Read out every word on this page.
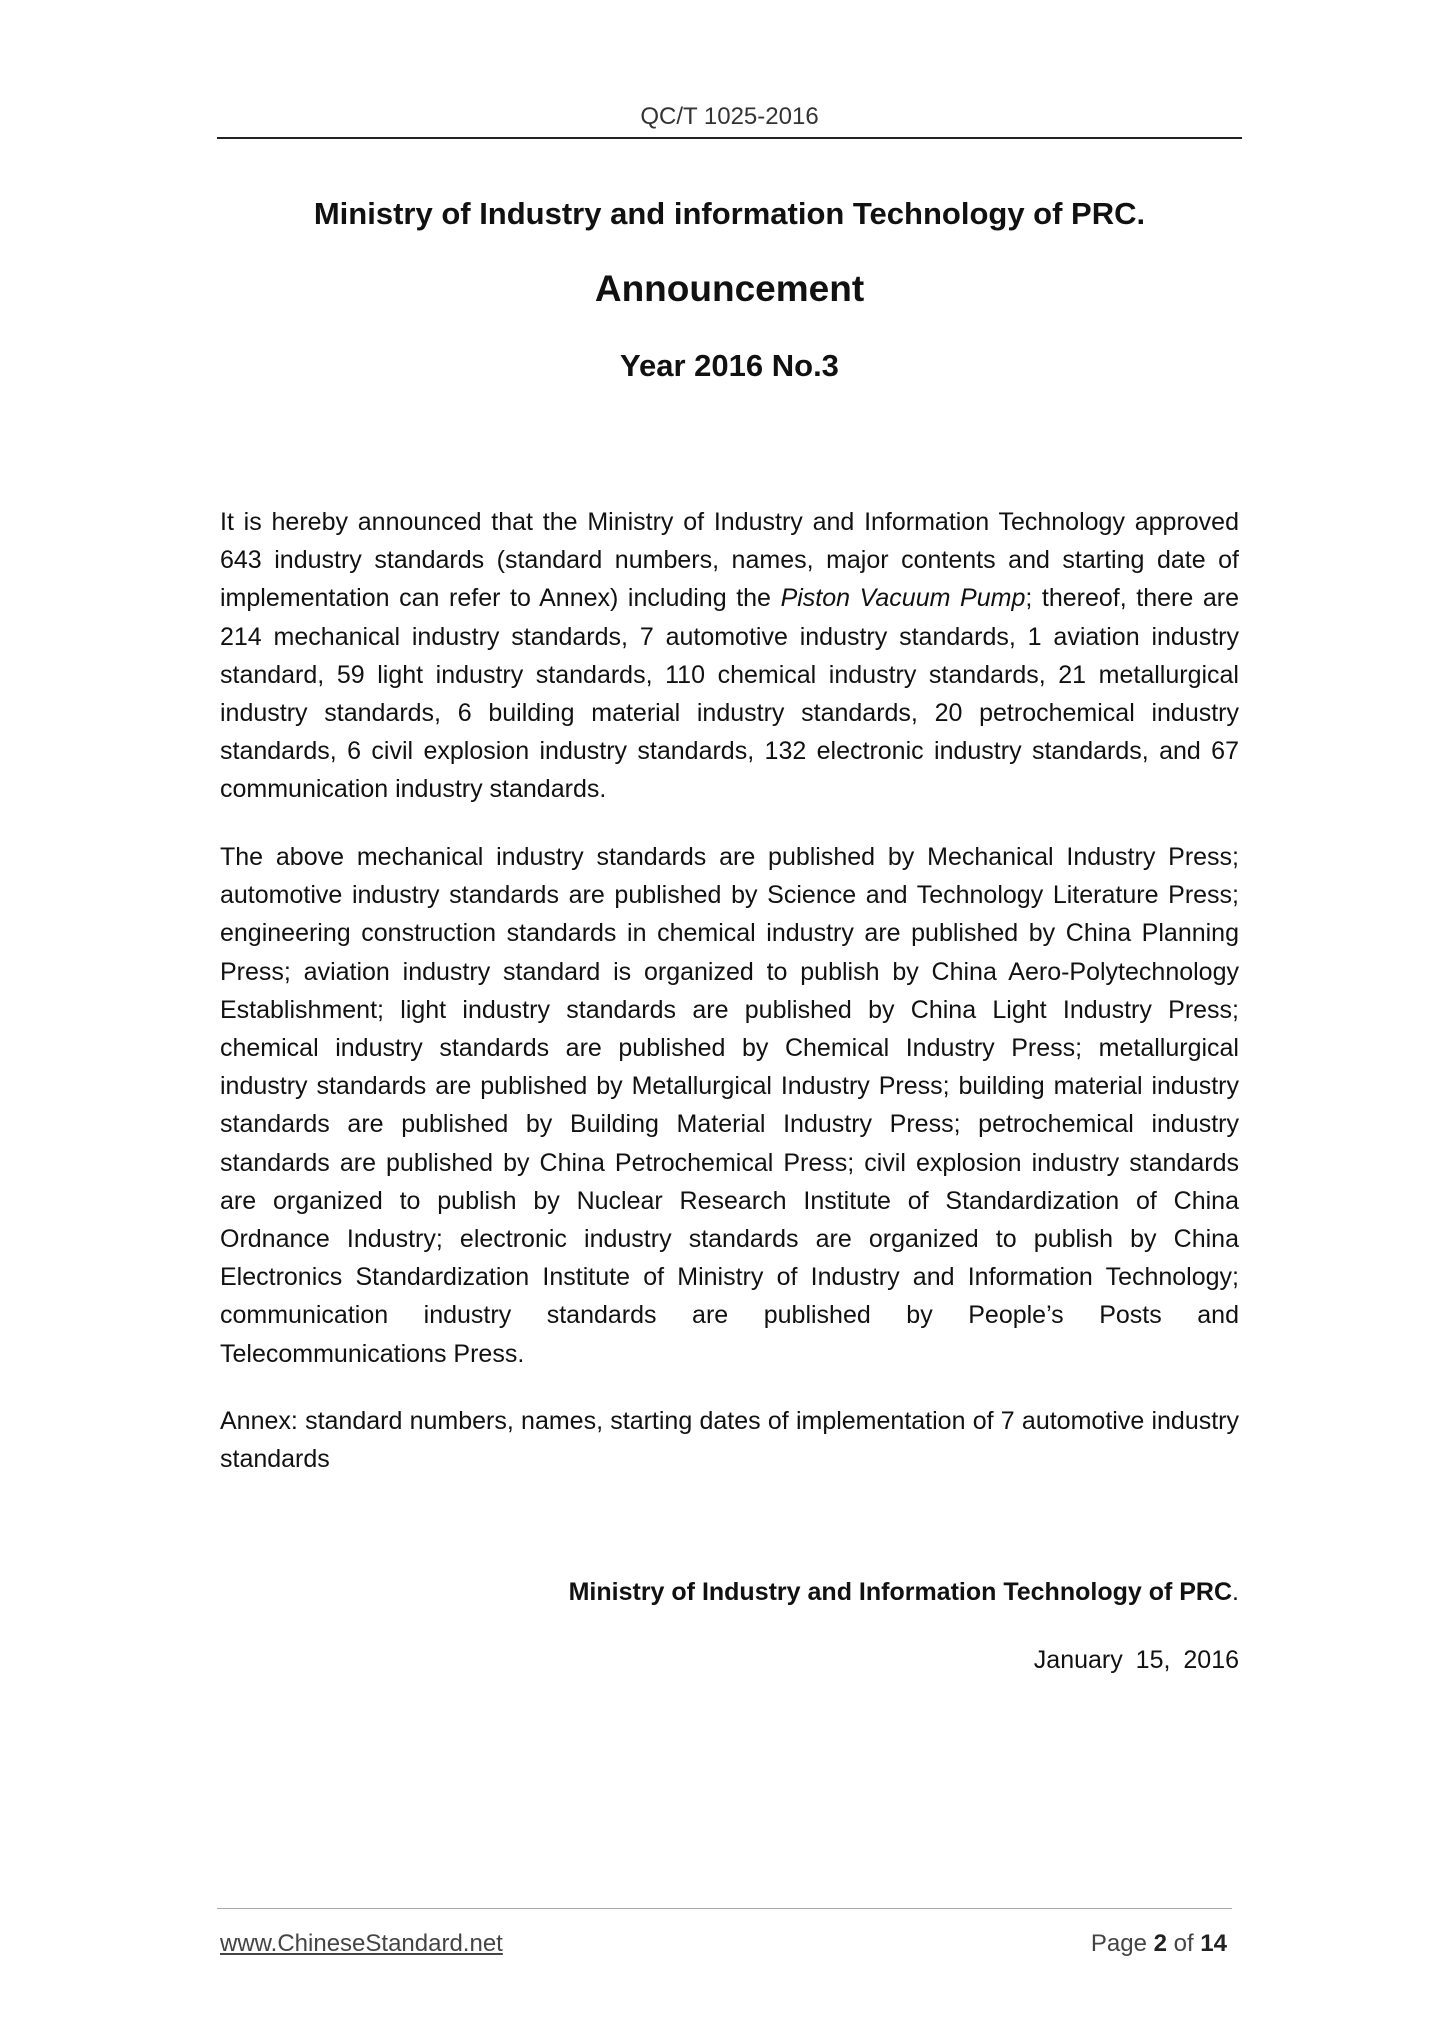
QC/T 1025-2016
Ministry of Industry and information Technology of PRC.
Announcement
Year 2016 No.3

It is hereby announced that the Ministry of Industry and Information Technology approved 643 industry standards (standard numbers, names, major contents and starting date of implementation can refer to Annex) including the Piston Vacuum Pump; thereof, there are 214 mechanical industry standards, 7 automotive industry standards, 1 aviation industry standard, 59 light industry standards, 110 chemical industry standards, 21 metallurgical industry standards, 6 building material industry standards, 20 petrochemical industry standards, 6 civil explosion industry standards, 132 electronic industry standards, and 67 communication industry standards.

The above mechanical industry standards are published by Mechanical Industry Press; automotive industry standards are published by Science and Technology Literature Press; engineering construction standards in chemical industry are published by China Planning Press; aviation industry standard is organized to publish by China Aero-Polytechnology Establishment; light industry standards are published by China Light Industry Press; chemical industry standards are published by Chemical Industry Press; metallurgical industry standards are published by Metallurgical Industry Press; building material industry standards are published by Building Material Industry Press; petrochemical industry standards are published by China Petrochemical Press; civil explosion industry standards are organized to publish by Nuclear Research Institute of Standardization of China Ordnance Industry; electronic industry standards are organized to publish by China Electronics Standardization Institute of Ministry of Industry and Information Technology; communication industry standards are published by People’s Posts and Telecommunications Press.

Annex: standard numbers, names, starting dates of implementation of 7 automotive industry standards

Ministry of Industry and Information Technology of PRC.
January 15, 2016
www.ChineseStandard.net	Page 2 of 14
